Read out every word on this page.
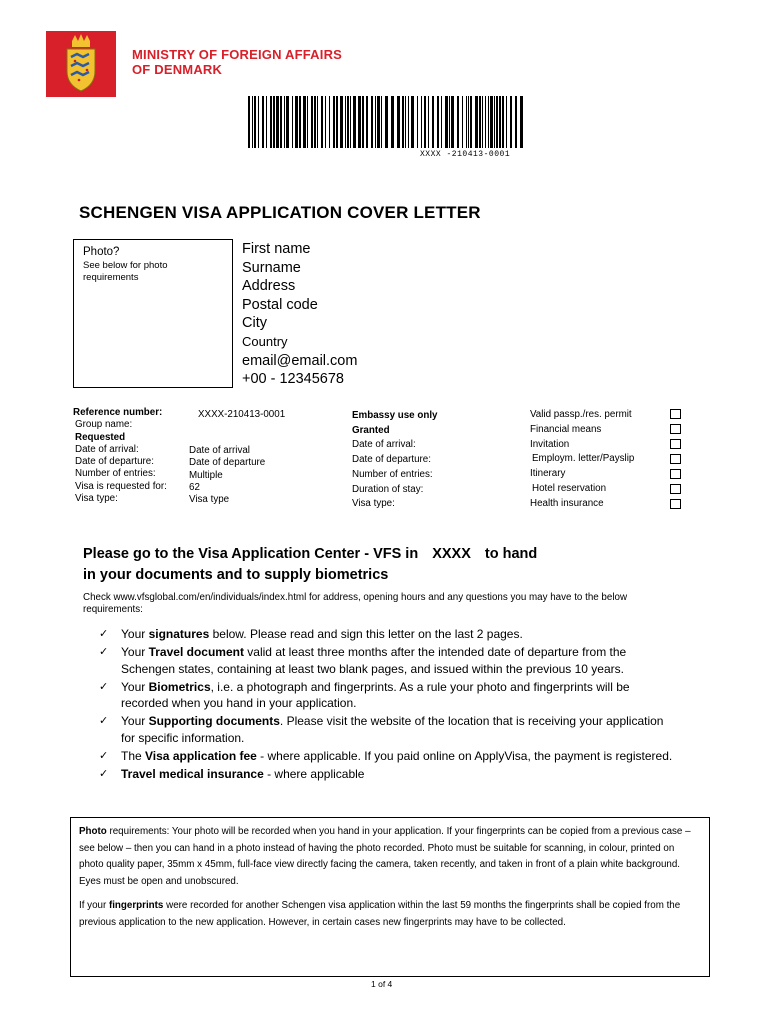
MINISTRY OF FOREIGN AFFAIRS
OF DENMARK
XXXX -210413-0001
SCHENGEN VISA APPLICATION COVER LETTER
Photo?
See below for photo requirements
First name
Surname
Address
Postal code
City
Country
email@email.com
+00 - 12345678
Reference number:
Group name:
Requested
Date of arrival:
Date of departure:
Number of entries:
Visa is requested for:
Visa type:
XXXX-210413-0001
Date of arrival
Date of departure
Multiple
62
Visa type
Embassy use only
Granted
Date of arrival:
Date of departure:
Number of entries:
Duration of stay:
Visa type:
Valid passp./res. permit
Financial means
Invitation
Employm. letter/Payslip
Itinerary
Hotel reservation
Health insurance
Please go to the Visa Application Center - VFS in XXXX to hand
in your documents and to supply biometrics
Check www.vfsglobal.com/en/individuals/index.html for address, opening hours and any questions you may have to the below requirements:
✓ Your signatures below. Please read and sign this letter on the last 2 pages.
✓ Your Travel document valid at least three months after the intended date of departure from the Schengen states, containing at least two blank pages, and issued within the previous 10 years.
✓ Your Biometrics, i.e. a photograph and fingerprints. As a rule your photo and fingerprints will be recorded when you hand in your application.
✓ Your Supporting documents. Please visit the website of the location that is receiving your application for specific information.
✓ The Visa application fee - where applicable. If you paid online on ApplyVisa, the payment is registered.
✓ Travel medical insurance - where applicable

Photo requirements: Your photo will be recorded when you hand in your application. If your fingerprints can be copied from a previous case – see below – then you can hand in a photo instead of having the photo recorded. Photo must be suitable for scanning, in colour, printed on photo quality paper, 35mm x 45mm, full-face view directly facing the camera, taken recently, and taken in front of a plain white background. Eyes must be open and unobscured.

If your fingerprints were recorded for another Schengen visa application within the last 59 months the fingerprints shall be copied from the previous application to the new application. However, in certain cases new fingerprints may have to be collected.

1 of 4
